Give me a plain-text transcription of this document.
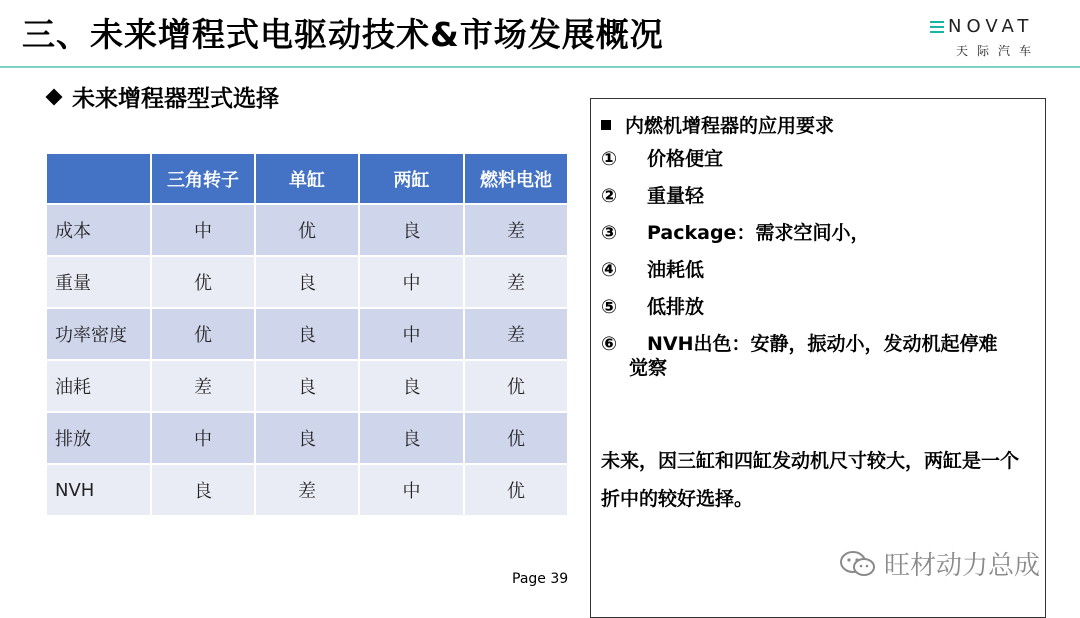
三、未来增程式电驱动技术&市场发展概况	NOVAT
天际汽车
未来增程器型式选择
	三角转子	单缸	两缸	燃料电池
成本	中	优	良	差
重量	优	良	中	差
功率密度	优	良	中	差
油耗	差	良	良	优
排放	中	良	良	优
NVH	良	差	中	优
Page 39
内燃机增程器的应用要求
①	价格便宜
②	重量轻
③	Package：需求空间小，
④	油耗低
⑤	低排放
⑥	NVH出色：安静，振动小，发动机起停难
觉察
未来，因三缸和四缸发动机尺寸较大，两缸是一个折中的较好选择。
旺材动力总成
